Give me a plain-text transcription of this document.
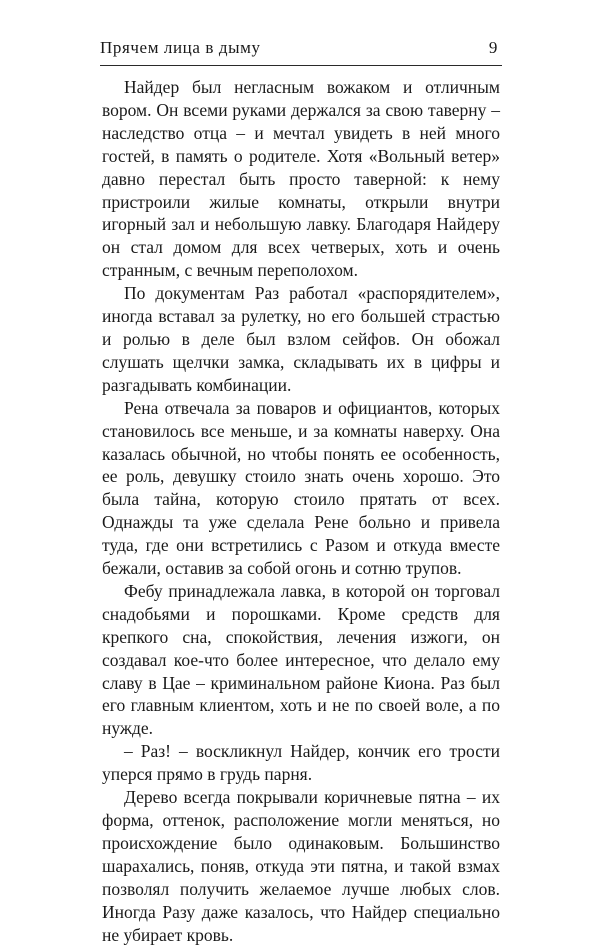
Прячем лица в дыму	9

Найдер был негласным вожаком и отличным вором. Он всеми руками держался за свою таверну – наследство отца – и мечтал увидеть в ней много гостей, в память о родителе. Хотя «Вольный ветер» давно перестал быть просто таверной: к нему пристроили жилые комнаты, открыли внутри игорный зал и небольшую лавку. Благодаря Найдеру он стал домом для всех четверых, хоть и очень странным, с вечным переполохом.

По документам Раз работал «распорядителем», иногда вставал за рулетку, но его большей страстью и ролью в деле был взлом сейфов. Он обожал слушать щелчки замка, складывать их в цифры и разгадывать комбинации.

Рена отвечала за поваров и официантов, которых становилось все меньше, и за комнаты наверху. Она казалась обычной, но чтобы понять ее особенность, ее роль, девушку стоило знать очень хорошо. Это была тайна, которую стоило прятать от всех. Однажды та уже сделала Рене больно и привела туда, где они встретились с Разом и откуда вместе бежали, оставив за собой огонь и сотню трупов.

Фебу принадлежала лавка, в которой он торговал снадобьями и порошками. Кроме средств для крепкого сна, спокойствия, лечения изжоги, он создавал кое-что более интересное, что делало ему славу в Цае – криминальном районе Киона. Раз был его главным клиентом, хоть и не по своей воле, а по нужде.

– Раз! – воскликнул Найдер, кончик его трости уперся прямо в грудь парня.

Дерево всегда покрывали коричневые пятна – их форма, оттенок, расположение могли меняться, но происхождение было одинаковым. Большинство шарахались, поняв, откуда эти пятна, и такой взмах позволял получить желаемое лучше любых слов. Иногда Разу даже казалось, что Найдер специально не убирает кровь.
